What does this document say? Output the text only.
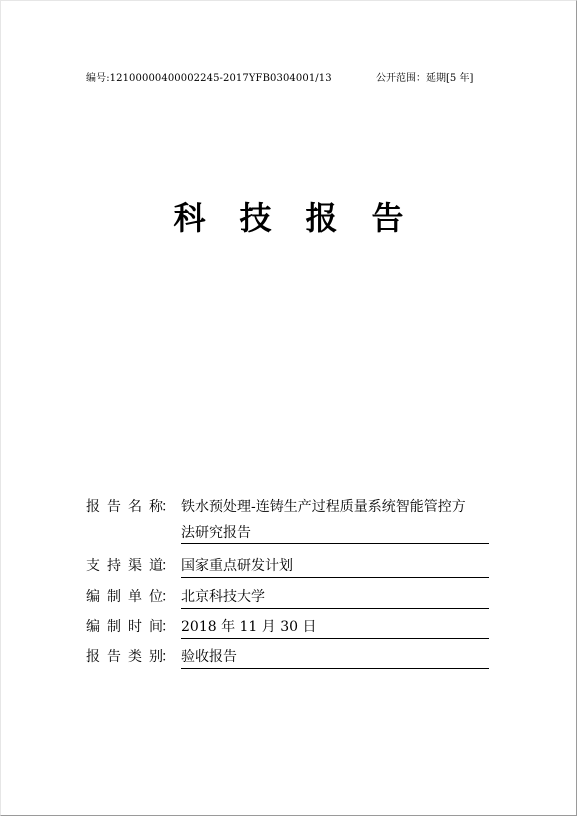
编号:12100000400002245-2017YFB0304001/13	公开范围：延期[5 年]
科 技 报 告
报 告 名 称： 铁水预处理-连铸生产过程质量系统智能管控方
法研究报告
支 持 渠 道： 国家重点研发计划
编 制 单 位： 北京科技大学
编 制 时 间： 2018 年 11 月 30 日
报 告 类 别： 验收报告
